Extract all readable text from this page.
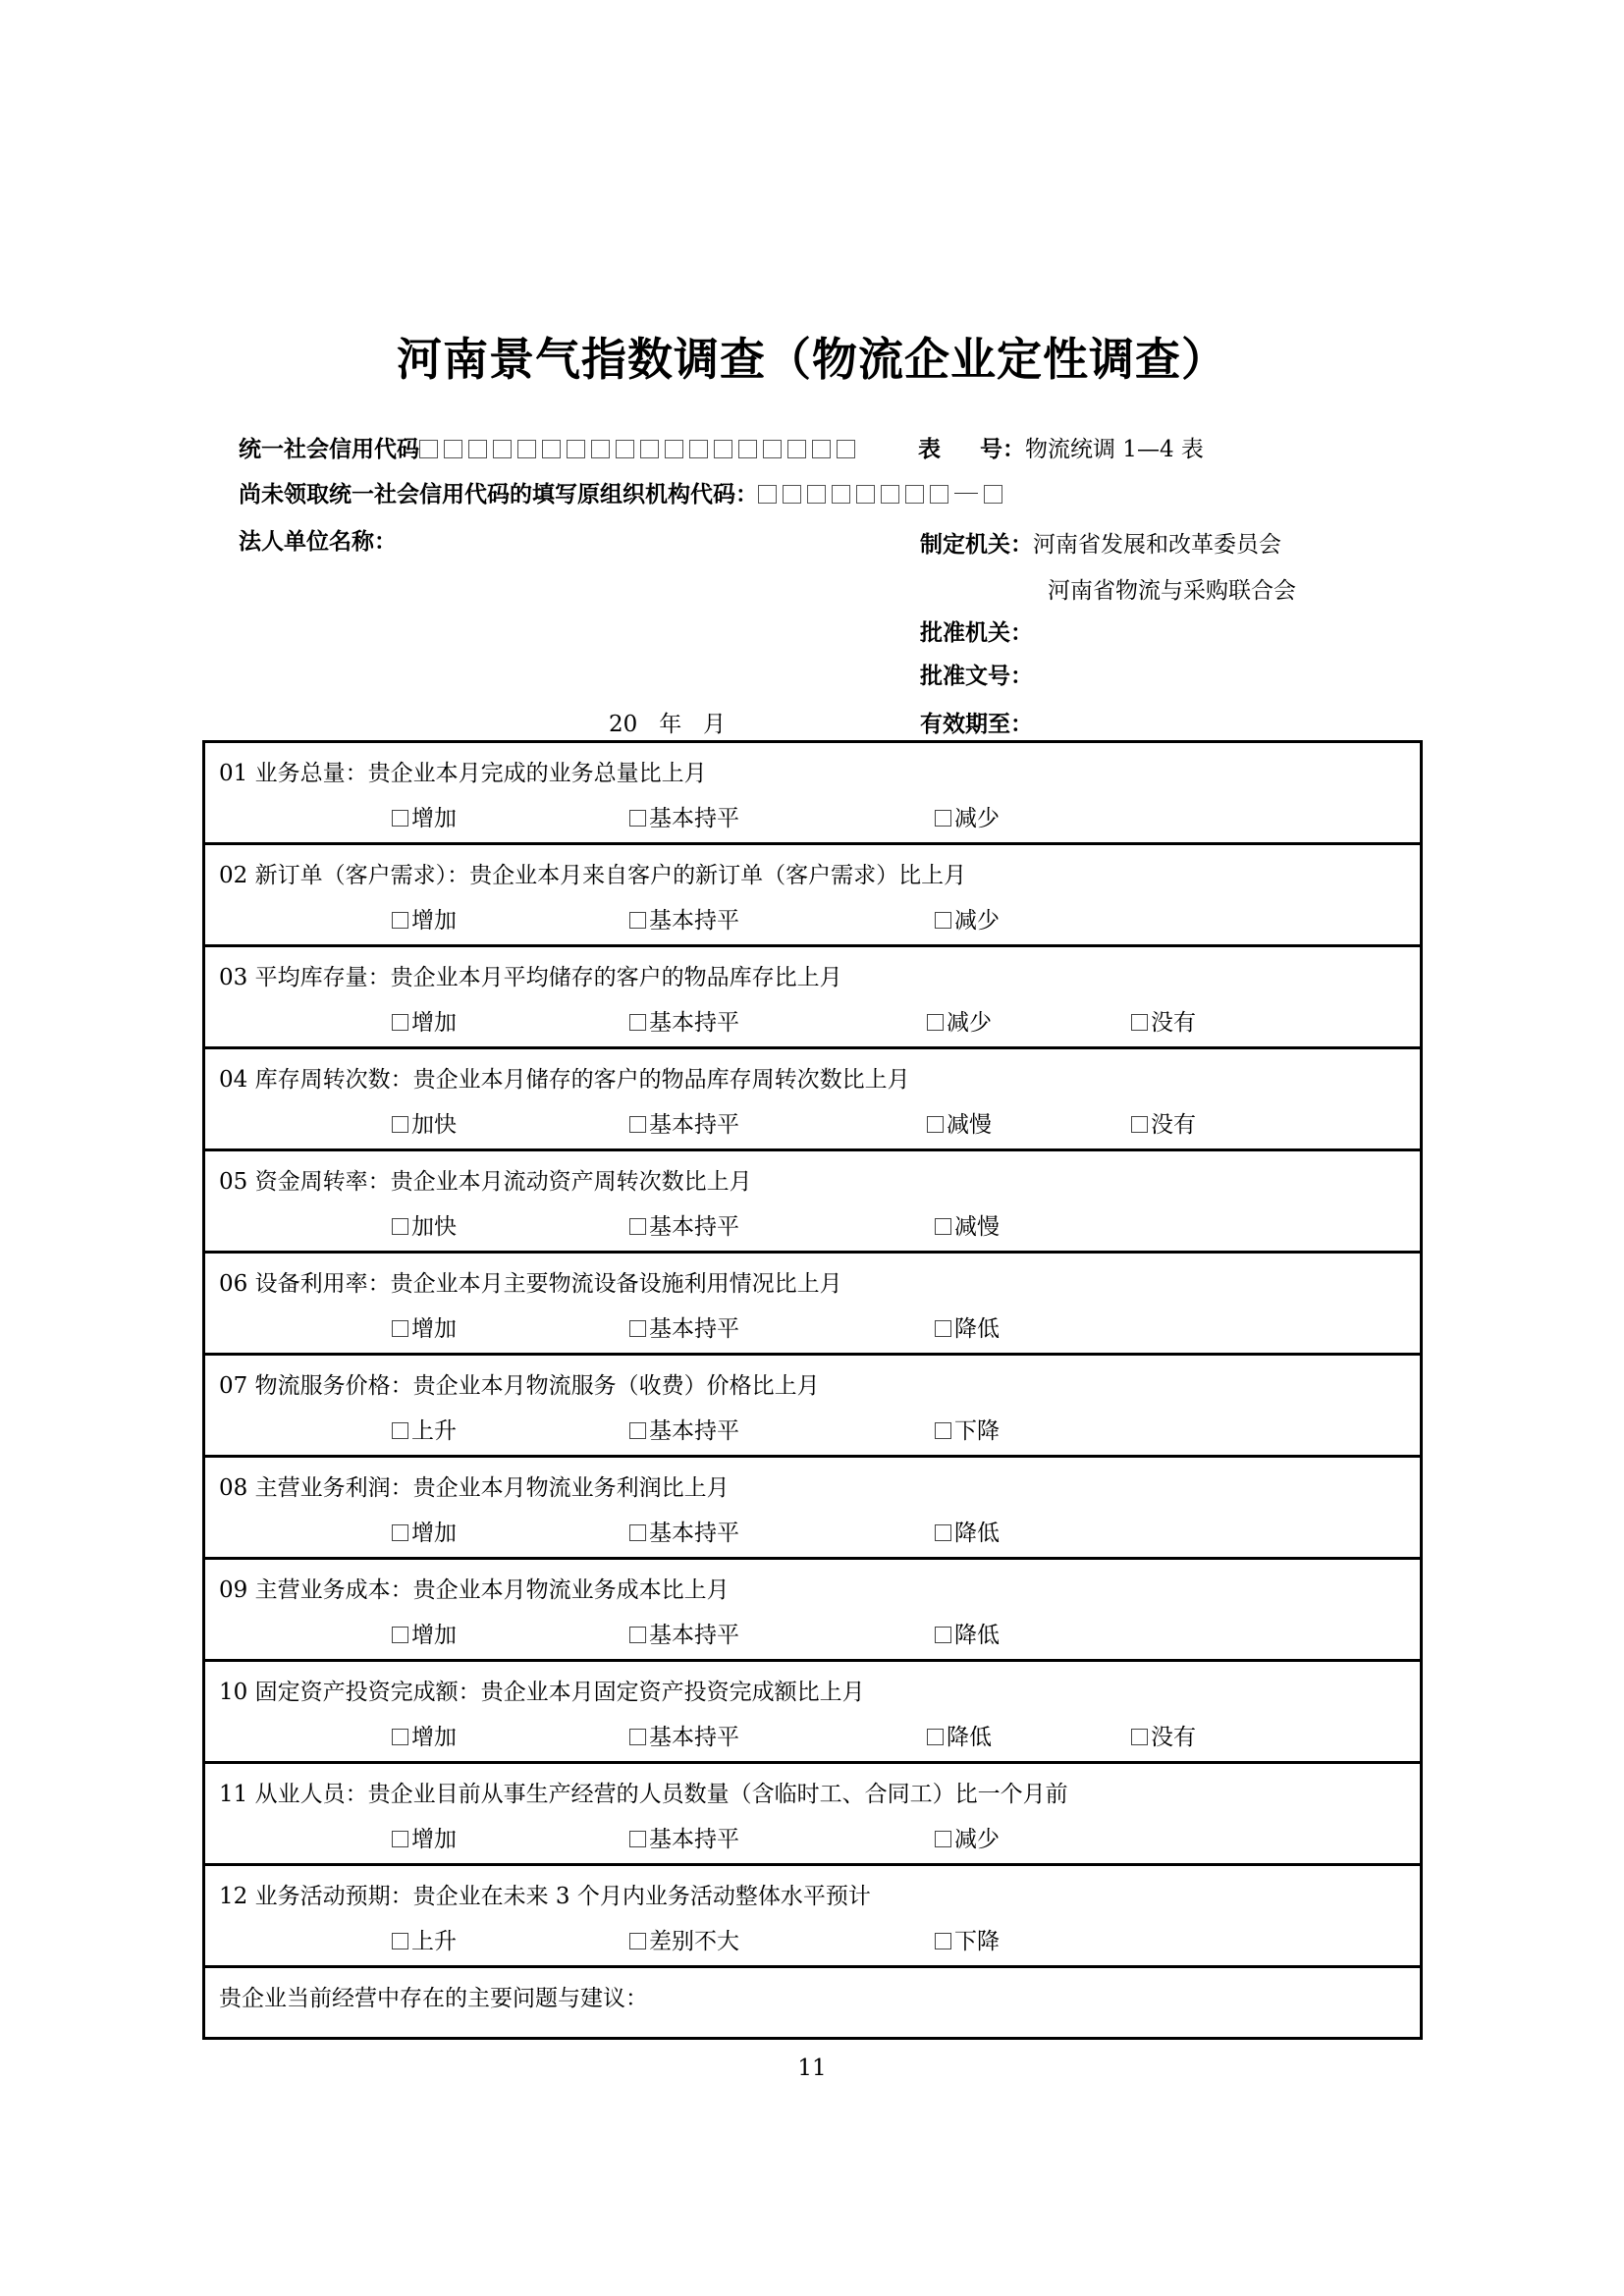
河南景气指数调查（物流企业定性调查）
统一社会信用代码
尚未领取统一社会信用代码的填写原组织机构代码：
法人单位名称：
表 号：物流统调 1—4 表
制定机关：河南省发展和改革委员会
河南省物流与采购联合会
批准机关：
批准文号：
20   年   月	有效期至：
01 业务总量：贵企业本月完成的业务总量比上月
增加	基本持平	减少
02 新订单（客户需求）：贵企业本月来自客户的新订单（客户需求）比上月
增加	基本持平	减少
03 平均库存量：贵企业本月平均储存的客户的物品库存比上月
增加	基本持平	减少	没有
04 库存周转次数：贵企业本月储存的客户的物品库存周转次数比上月
加快	基本持平	减慢	没有
05 资金周转率：贵企业本月流动资产周转次数比上月
加快	基本持平	减慢
06 设备利用率：贵企业本月主要物流设备设施利用情况比上月
增加	基本持平	降低
07 物流服务价格：贵企业本月物流服务（收费）价格比上月
上升	基本持平	下降
08 主营业务利润：贵企业本月物流业务利润比上月
增加	基本持平	降低
09 主营业务成本：贵企业本月物流业务成本比上月
增加	基本持平	降低
10 固定资产投资完成额：贵企业本月固定资产投资完成额比上月
增加	基本持平	降低	没有
11 从业人员：贵企业目前从事生产经营的人员数量（含临时工、合同工）比一个月前
增加	基本持平	减少
12 业务活动预期：贵企业在未来 3 个月内业务活动整体水平预计
上升	差别不大	下降
贵企业当前经营中存在的主要问题与建议：
11
